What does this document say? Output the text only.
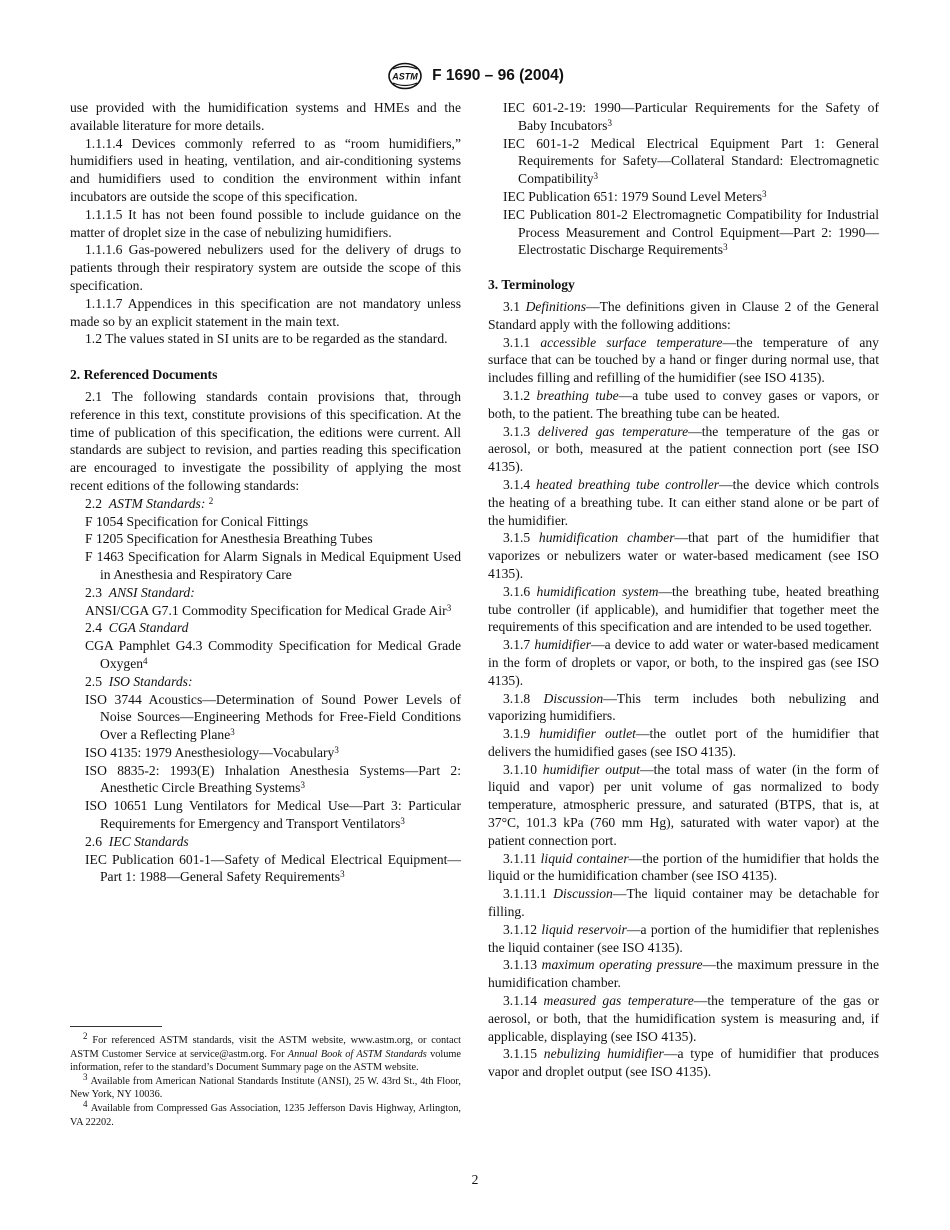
ASTM F 1690 – 96 (2004)

use provided with the humidification systems and HMEs and the available literature for more details.

1.1.1.4 Devices commonly referred to as “room humidifiers,” humidifiers used in heating, ventilation, and air-conditioning systems and humidifiers used to condition the environment within infant incubators are outside the scope of this specification.

1.1.1.5 It has not been found possible to include guidance on the matter of droplet size in the case of nebulizing humidifiers.

1.1.1.6 Gas-powered nebulizers used for the delivery of drugs to patients through their respiratory system are outside the scope of this specification.

1.1.1.7 Appendices in this specification are not mandatory unless made so by an explicit statement in the main text.

1.2 The values stated in SI units are to be regarded as the standard.

2. Referenced Documents

2.1 The following standards contain provisions that, through reference in this text, constitute provisions of this specification. At the time of publication of this specification, the editions were current. All standards are subject to revision, and parties reading this specification are encouraged to investigate the possibility of applying the most recent editions of the following standards:

2.2 ASTM Standards: $^2$

F 1054 Specification for Conical Fittings

F 1205 Specification for Anesthesia Breathing Tubes

F 1463 Specification for Alarm Signals in Medical Equipment Used in Anesthesia and Respiratory Care

2.3 ANSI Standard:

ANSI/CGA G7.1 Commodity Specification for Medical Grade Air$^3$

2.4 CGA Standard

CGA Pamphlet G4.3 Commodity Specification for Medical Grade Oxygen$^4$

2.5 ISO Standards:

ISO 3744 Acoustics—Determination of Sound Power Levels of Noise Sources—Engineering Methods for Free-Field Conditions Over a Reflecting Plane$^3$

ISO 4135: 1979 Anesthesiology—Vocabulary$^3$

ISO 8835-2: 1993(E) Inhalation Anesthesia Systems—Part 2: Anesthetic Circle Breathing Systems$^3$

ISO 10651 Lung Ventilators for Medical Use—Part 3: Particular Requirements for Emergency and Transport Ventilators$^3$

2.6 IEC Standards

IEC Publication 601-1—Safety of Medical Electrical Equipment—Part 1: 1988—General Safety Requirements$^3$

$^2$ For referenced ASTM standards, visit the ASTM website, www.astm.org, or contact ASTM Customer Service at service@astm.org. For Annual Book of ASTM Standards volume information, refer to the standard’s Document Summary page on the ASTM website.

$^3$ Available from American National Standards Institute (ANSI), 25 W. 43rd St., 4th Floor, New York, NY 10036.

$^4$ Available from Compressed Gas Association, 1235 Jefferson Davis Highway, Arlington, VA 22202.

IEC 601-2-19: 1990—Particular Requirements for the Safety of Baby Incubators$^3$

IEC 601-1-2 Medical Electrical Equipment Part 1: General Requirements for Safety—Collateral Standard: Electromagnetic Compatibility$^3$

IEC Publication 651: 1979 Sound Level Meters$^3$

IEC Publication 801-2 Electromagnetic Compatibility for Industrial Process Measurement and Control Equipment—Part 2: 1990—Electrostatic Discharge Requirements$^3$

3. Terminology

3.1 Definitions—The definitions given in Clause 2 of the General Standard apply with the following additions:

3.1.1 accessible surface temperature—the temperature of any surface that can be touched by a hand or finger during normal use, that includes filling and refilling of the humidifier (see ISO 4135).

3.1.2 breathing tube—a tube used to convey gases or vapors, or both, to the patient. The breathing tube can be heated.

3.1.3 delivered gas temperature—the temperature of the gas or aerosol, or both, measured at the patient connection port (see ISO 4135).

3.1.4 heated breathing tube controller—the device which controls the heating of a breathing tube. It can either stand alone or be part of the humidifier.

3.1.5 humidification chamber—that part of the humidifier that vaporizes or nebulizers water or water-based medicament (see ISO 4135).

3.1.6 humidification system—the breathing tube, heated breathing tube controller (if applicable), and humidifier that together meet the requirements of this specification and are intended to be used together.

3.1.7 humidifier—a device to add water or water-based medicament in the form of droplets or vapor, or both, to the inspired gas (see ISO 4135).

3.1.8 Discussion—This term includes both nebulizing and vaporizing humidifiers.

3.1.9 humidifier outlet—the outlet port of the humidifier that delivers the humidified gases (see ISO 4135).

3.1.10 humidifier output—the total mass of water (in the form of liquid and vapor) per unit volume of gas normalized to body temperature, atmospheric pressure, and saturated (BTPS, that is, at 37°C, 101.3 kPa (760 mm Hg), saturated with water vapor) at the patient connection port.

3.1.11 liquid container—the portion of the humidifier that holds the liquid or the humidification chamber (see ISO 4135).

3.1.11.1 Discussion—The liquid container may be detachable for filling.

3.1.12 liquid reservoir—a portion of the humidifier that replenishes the liquid container (see ISO 4135).

3.1.13 maximum operating pressure—the maximum pressure in the humidification chamber.

3.1.14 measured gas temperature—the temperature of the gas or aerosol, or both, that the humidification system is measuring and, if applicable, displaying (see ISO 4135).

3.1.15 nebulizing humidifier—a type of humidifier that produces vapor and droplet output (see ISO 4135).

2
